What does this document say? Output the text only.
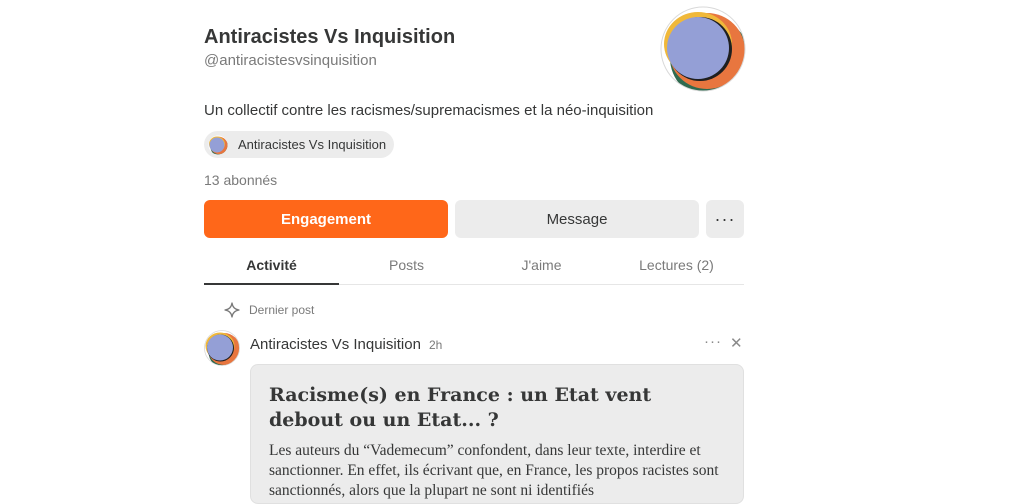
Antiracistes Vs Inquisition
@antiracistesvsinquisition
Un collectif contre les racismes/supremacismes et la néo-inquisition
Antiracistes Vs Inquisition
13 abonnés
Engagement	Message	···
Activité	Posts	J'aime	Lectures (2)
Dernier post
Antiracistes Vs Inquisition 2h	··· ✕

Racisme(s) en France : un Etat vent debout ou un Etat... ?

Les auteurs du “Vademecum” confondent, dans leur texte, interdire et sanctionner. En effet, ils écrivant que, en France, les propos racistes sont sanctionnés, alors que la plupart ne sont ni identifiés
